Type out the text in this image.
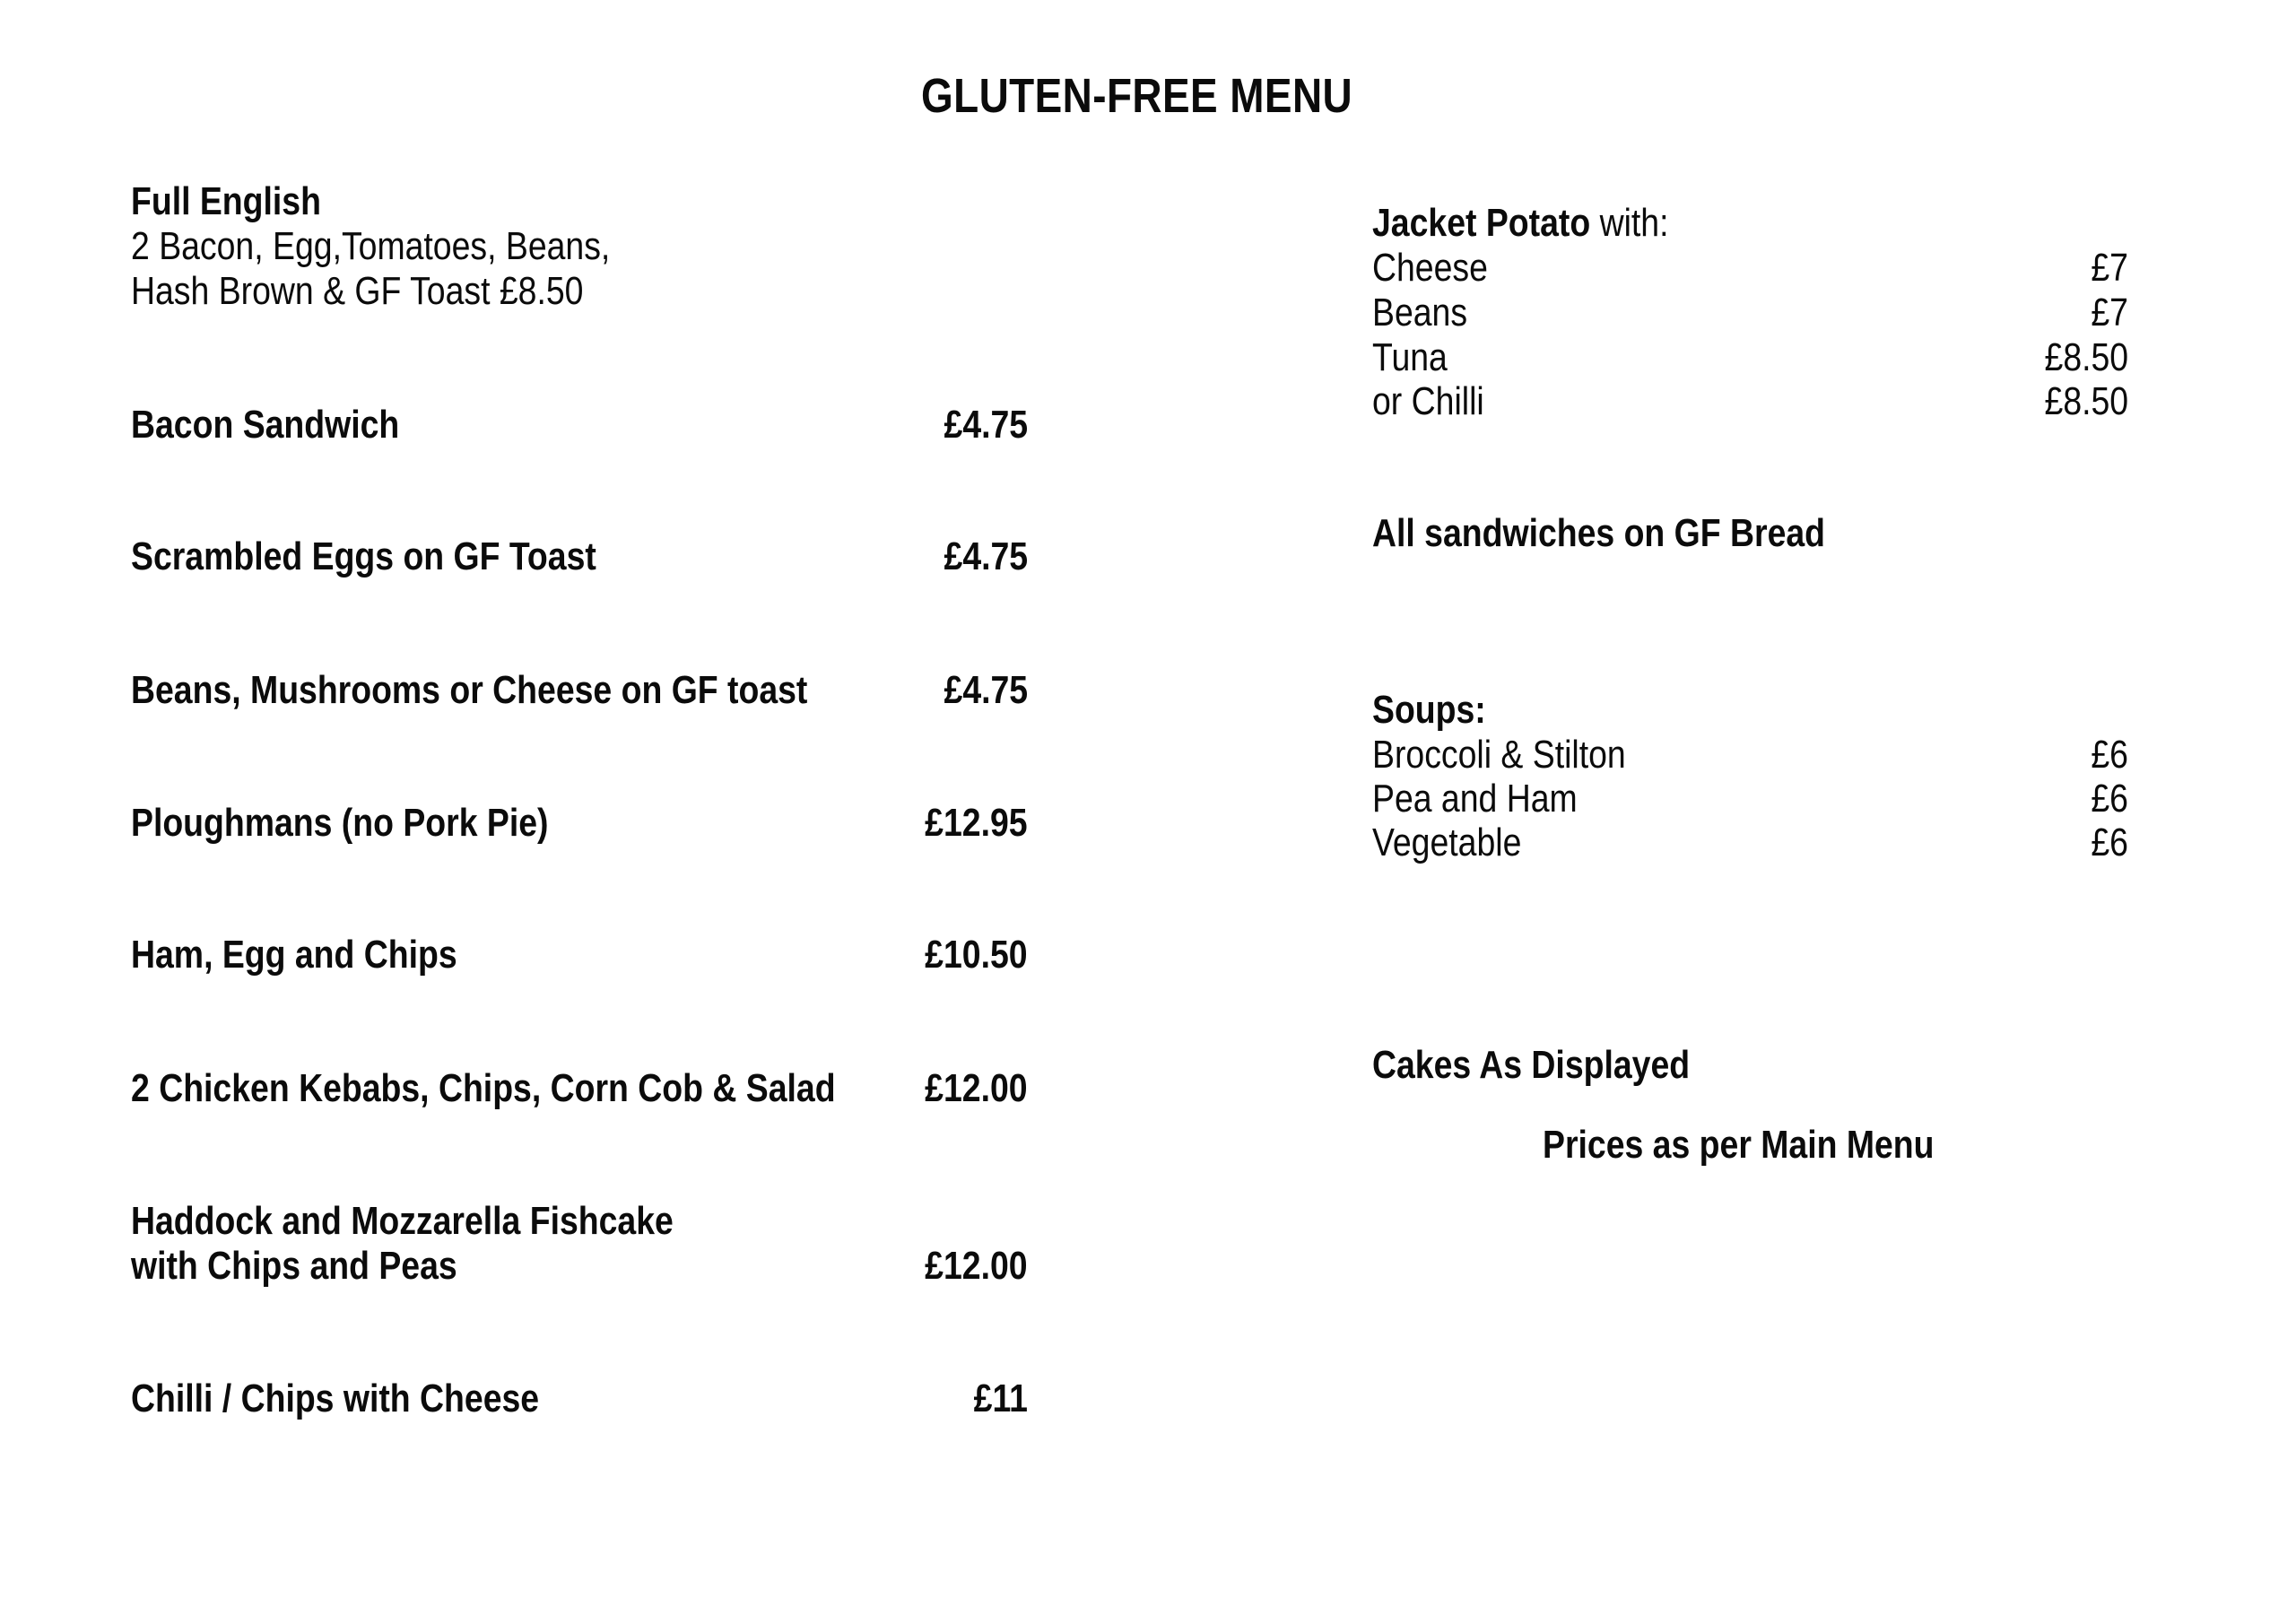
GLUTEN-FREE MENU
Full English
2 Bacon, Egg,Tomatoes, Beans,
Hash Brown & GF Toast £8.50
Bacon Sandwich	£4.75
Scrambled Eggs on GF Toast	£4.75
Beans, Mushrooms or Cheese on GF toast	£4.75
Ploughmans (no Pork Pie)	£12.95
Ham, Egg and Chips	£10.50
2 Chicken Kebabs, Chips, Corn Cob & Salad £12.00
Haddock and Mozzarella Fishcake
with Chips and Peas	£12.00
Chilli / Chips with Cheese	£11
Jacket Potato with:
Cheese	£7
Beans	£7
Tuna	£8.50
or Chilli	£8.50
All sandwiches on GF Bread
Soups:
Broccoli & Stilton	£6
Pea and Ham	£6
Vegetable	£6
Cakes As Displayed
Prices as per Main Menu
